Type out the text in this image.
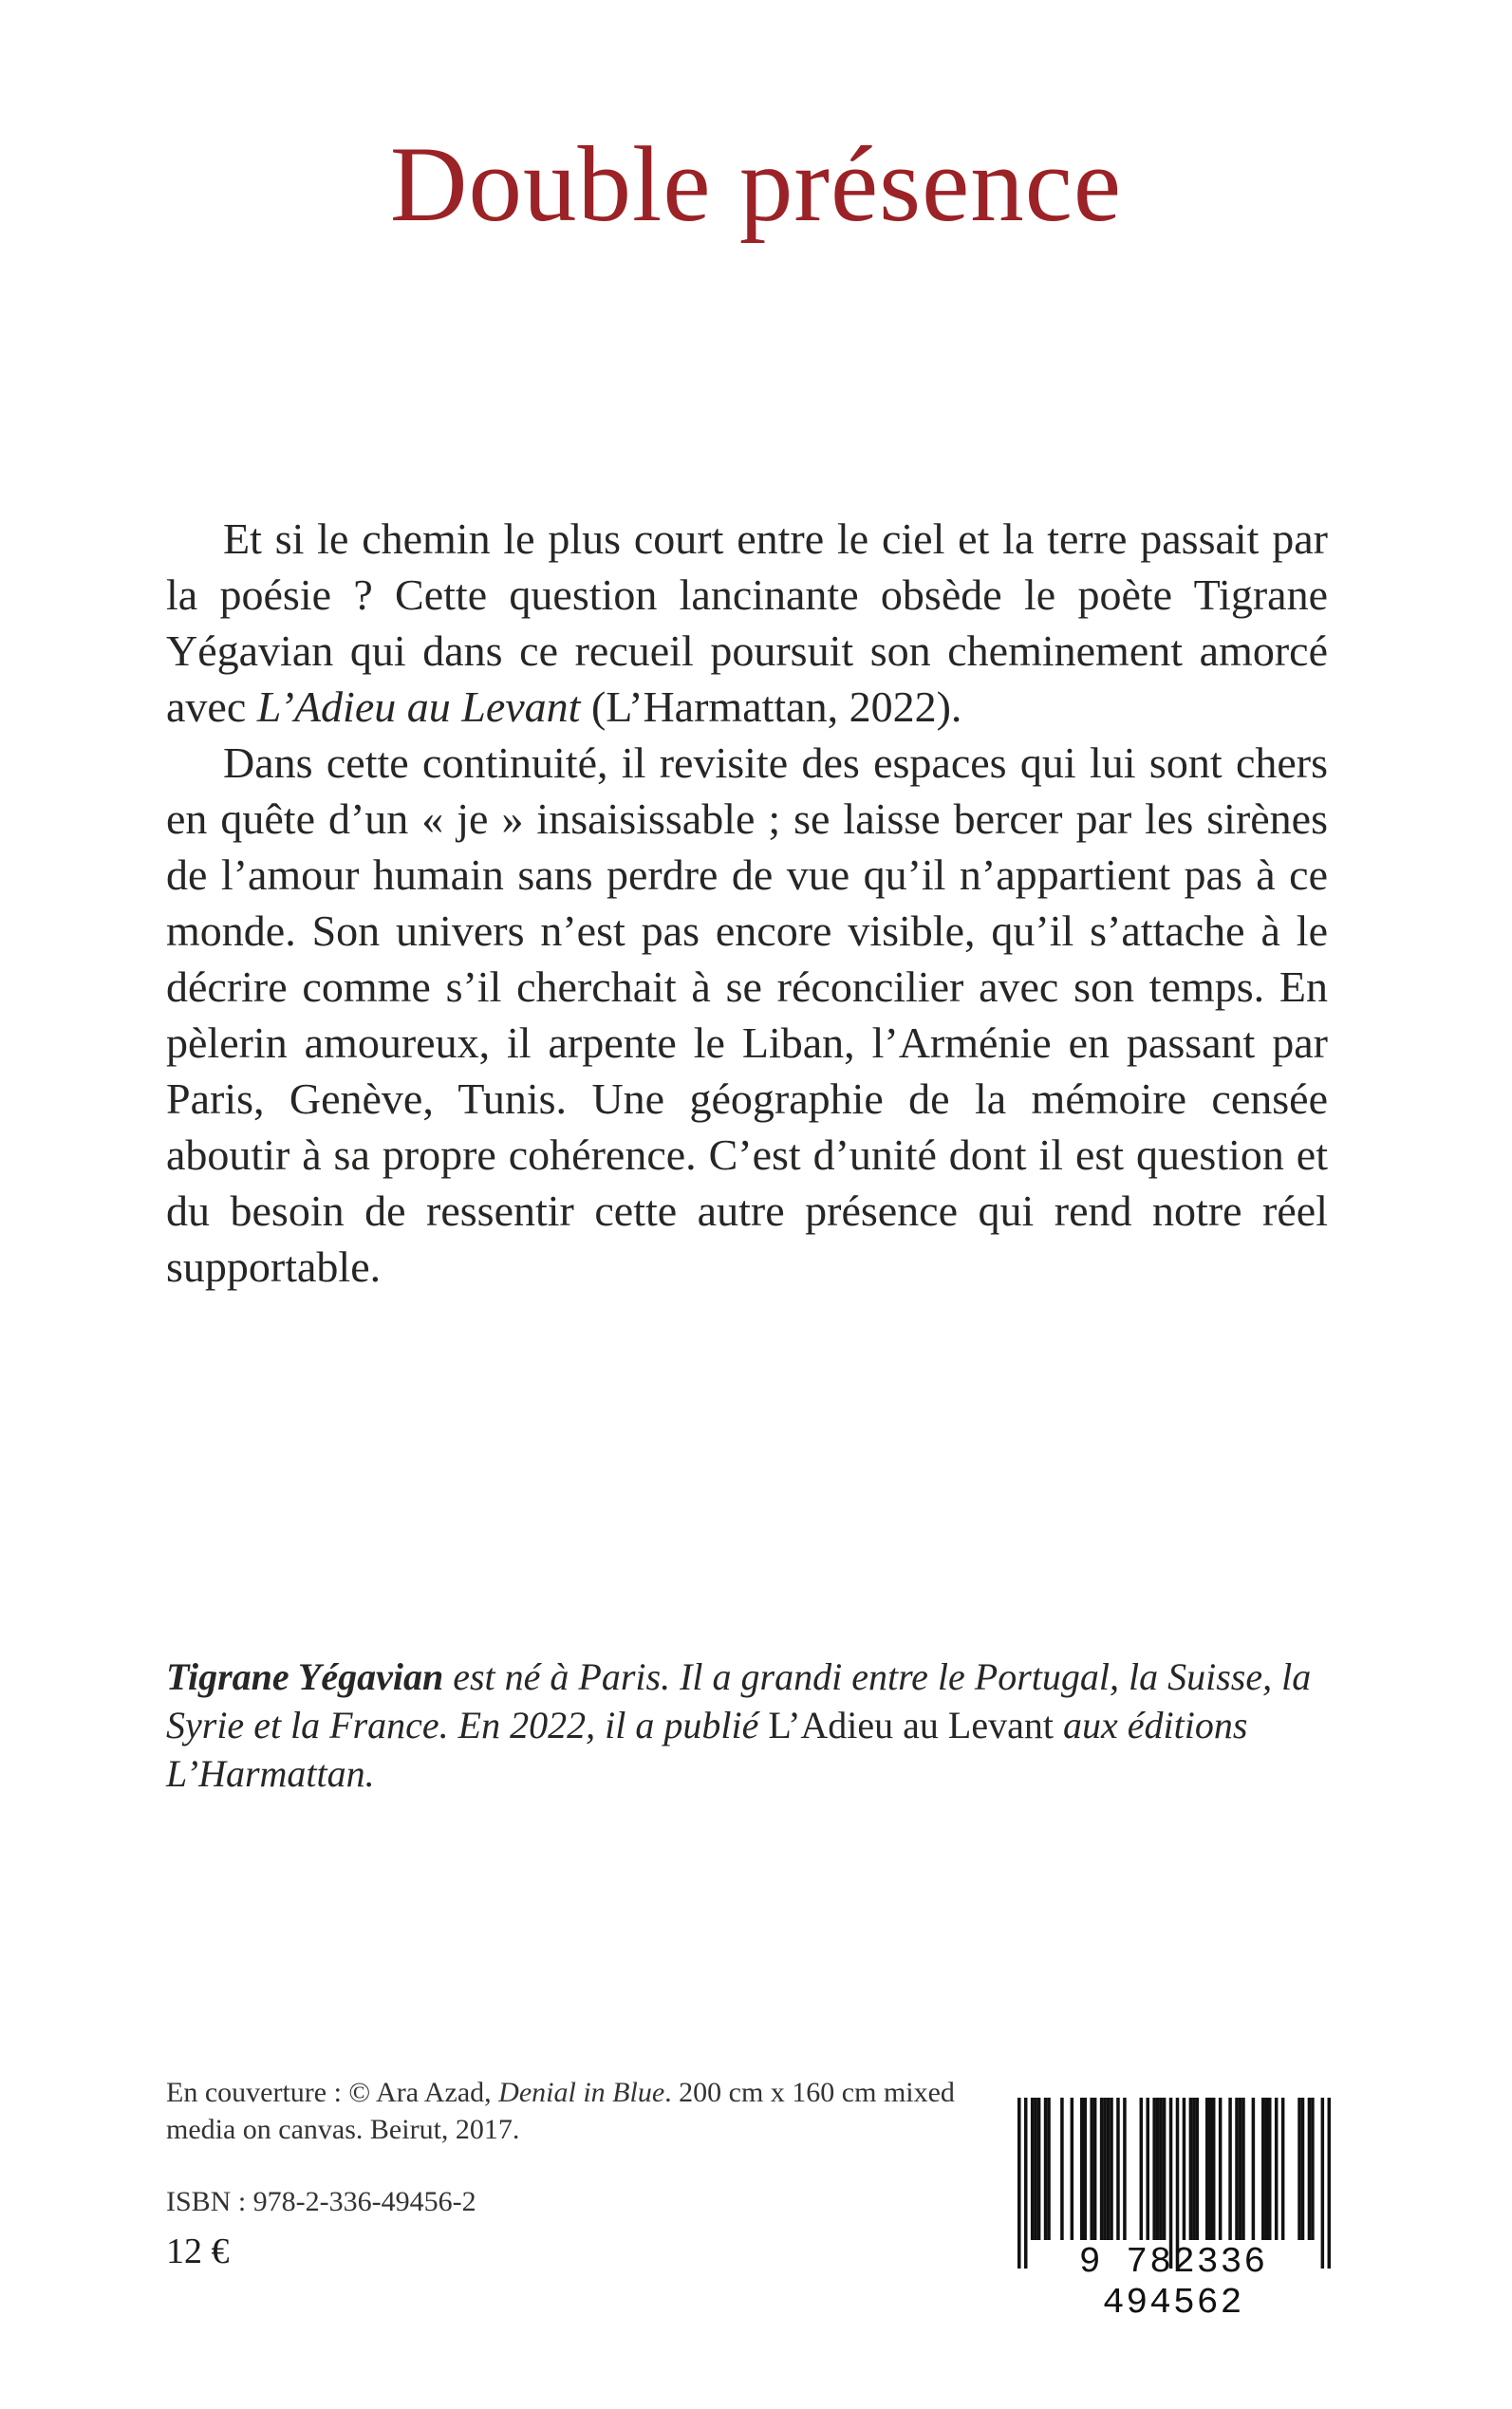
Double présence

Et si le chemin le plus court entre le ciel et la terre passait par la poésie ? Cette question lancinante obsède le poète Tigrane Yégavian qui dans ce recueil poursuit son cheminement amorcé avec L’Adieu au Levant (L’Harmattan, 2022).

Dans cette continuité, il revisite des espaces qui lui sont chers en quête d’un « je » insaisissable ; se laisse bercer par les sirènes de l’amour humain sans perdre de vue qu’il n’appartient pas à ce monde. Son univers n’est pas encore visible, qu’il s’attache à le décrire comme s’il cherchait à se réconcilier avec son temps. En pèlerin amoureux, il arpente le Liban, l’Arménie en passant par Paris, Genève, Tunis. Une géographie de la mémoire censée aboutir à sa propre cohérence. C’est d’unité dont il est question et du besoin de ressentir cette autre présence qui rend notre réel supportable.

Tigrane Yégavian est né à Paris. Il a grandi entre le Portugal, la Suisse, la Syrie et la France. En 2022, il a publié L’Adieu au Levant aux éditions L’Harmattan.
En couverture : © Ara Azad, Denial in Blue. 200 cm x 160 cm mixed media on canvas. Beirut, 2017.
ISBN : 978-2-336-49456-2
12 €	9 782336 494562
